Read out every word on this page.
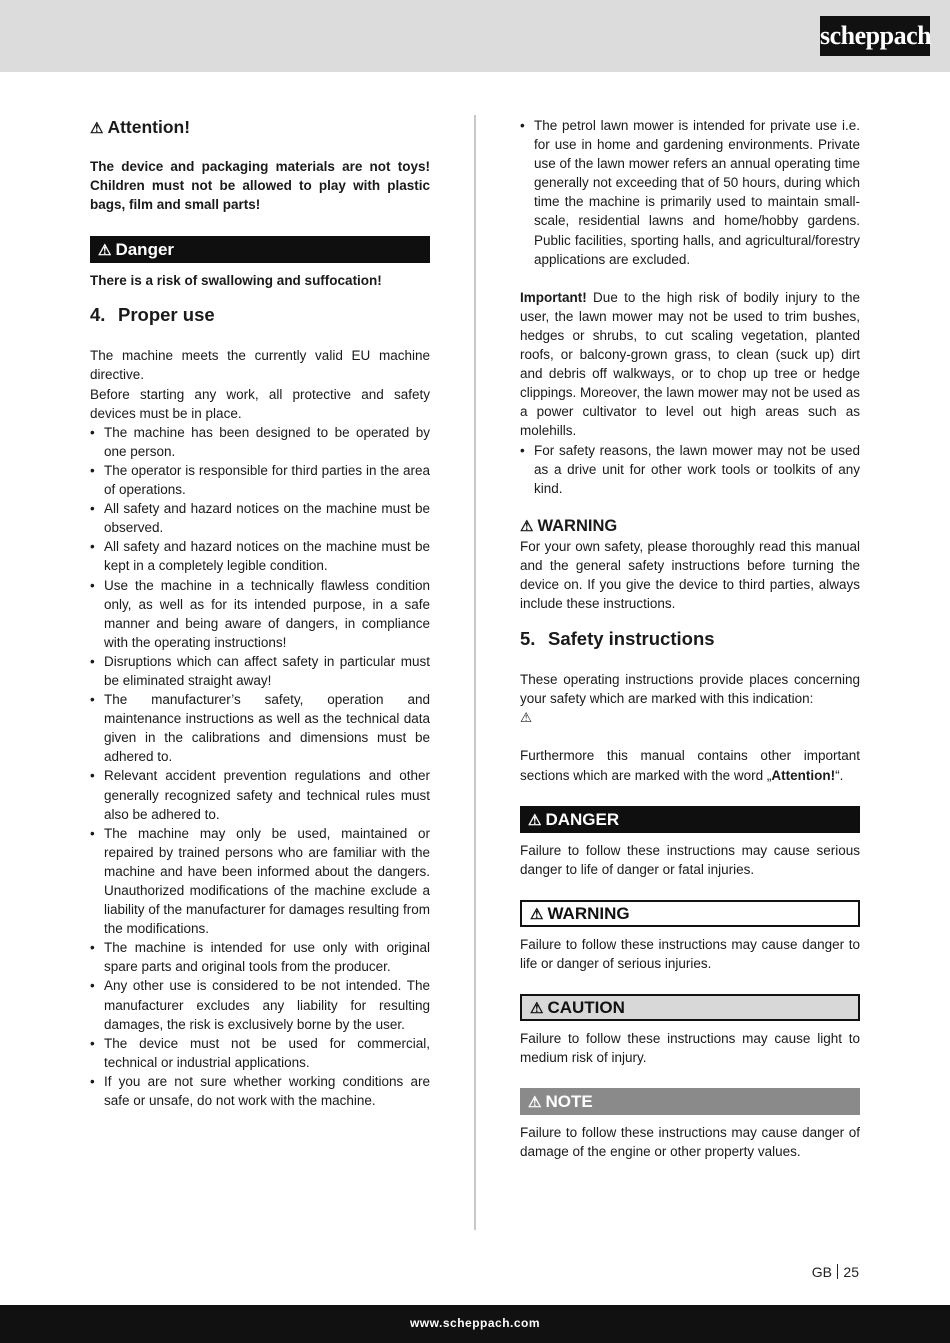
scheppach
⚠ Attention!

The device and packaging materials are not toys! Children must not be allowed to play with plastic bags, film and small parts!

⚠ Danger

There is a risk of swallowing and suffocation!

4. Proper use

The machine meets the currently valid EU machine directive.

Before starting any work, all protective and safety devices must be in place.

• The machine has been designed to be operated by one person.
• The operator is responsible for third parties in the area of operations.
• All safety and hazard notices on the machine must be observed.
• All safety and hazard notices on the machine must be kept in a completely legible condition.
• Use the machine in a technically flawless condition only, as well as for its intended purpose, in a safe manner and being aware of dangers, in compliance with the operating instructions!
• Disruptions which can affect safety in particular must be eliminated straight away!
• The manufacturer’s safety, operation and maintenance instructions as well as the technical data given in the calibrations and dimensions must be adhered to.
• Relevant accident prevention regulations and other generally recognized safety and technical rules must also be adhered to.
• The machine may only be used, maintained or repaired by trained persons who are familiar with the machine and have been informed about the dangers. Unauthorized modifications of the machine exclude a liability of the manufacturer for damages resulting from the modifications.
• The machine is intended for use only with original spare parts and original tools from the producer.
• Any other use is considered to be not intended. The manufacturer excludes any liability for resulting damages, the risk is exclusively borne by the user.
• The device must not be used for commercial, technical or industrial applications.
• If you are not sure whether working conditions are safe or unsafe, do not work with the machine.
• The petrol lawn mower is intended for private use i.e. for use in home and gardening environments. Private use of the lawn mower refers an annual operating time generally not exceeding that of 50 hours, during which time the machine is primarily used to maintain small-scale, residential lawns and home/hobby gardens. Public facilities, sporting halls, and agricultural/forestry applications are excluded.

Important! Due to the high risk of bodily injury to the user, the lawn mower may not be used to trim bushes, hedges or shrubs, to cut scaling vegetation, planted roofs, or balcony-grown grass, to clean (suck up) dirt and debris off walkways, or to chop up tree or hedge clippings. Moreover, the lawn mower may not be used as a power cultivator to level out high areas such as molehills.

• For safety reasons, the lawn mower may not be used as a drive unit for other work tools or toolkits of any kind.
⚠ WARNING

For your own safety, please thoroughly read this manual and the general safety instructions before turning the device on. If you give the device to third parties, always include these instructions.

5. Safety instructions

These operating instructions provide places concerning your safety which are marked with this indication:

⚠

Furthermore this manual contains other important sections which are marked with the word „Attention!“.

⚠ DANGER

Failure to follow these instructions may cause serious danger to life of danger or fatal injuries.

⚠ WARNING

Failure to follow these instructions may cause danger to life or danger of serious injuries.

⚠ CAUTION

Failure to follow these instructions may cause light to medium risk of injury.

⚠ NOTE

Failure to follow these instructions may cause danger of damage of the engine or other property values.

GB 25
www.scheppach.com
